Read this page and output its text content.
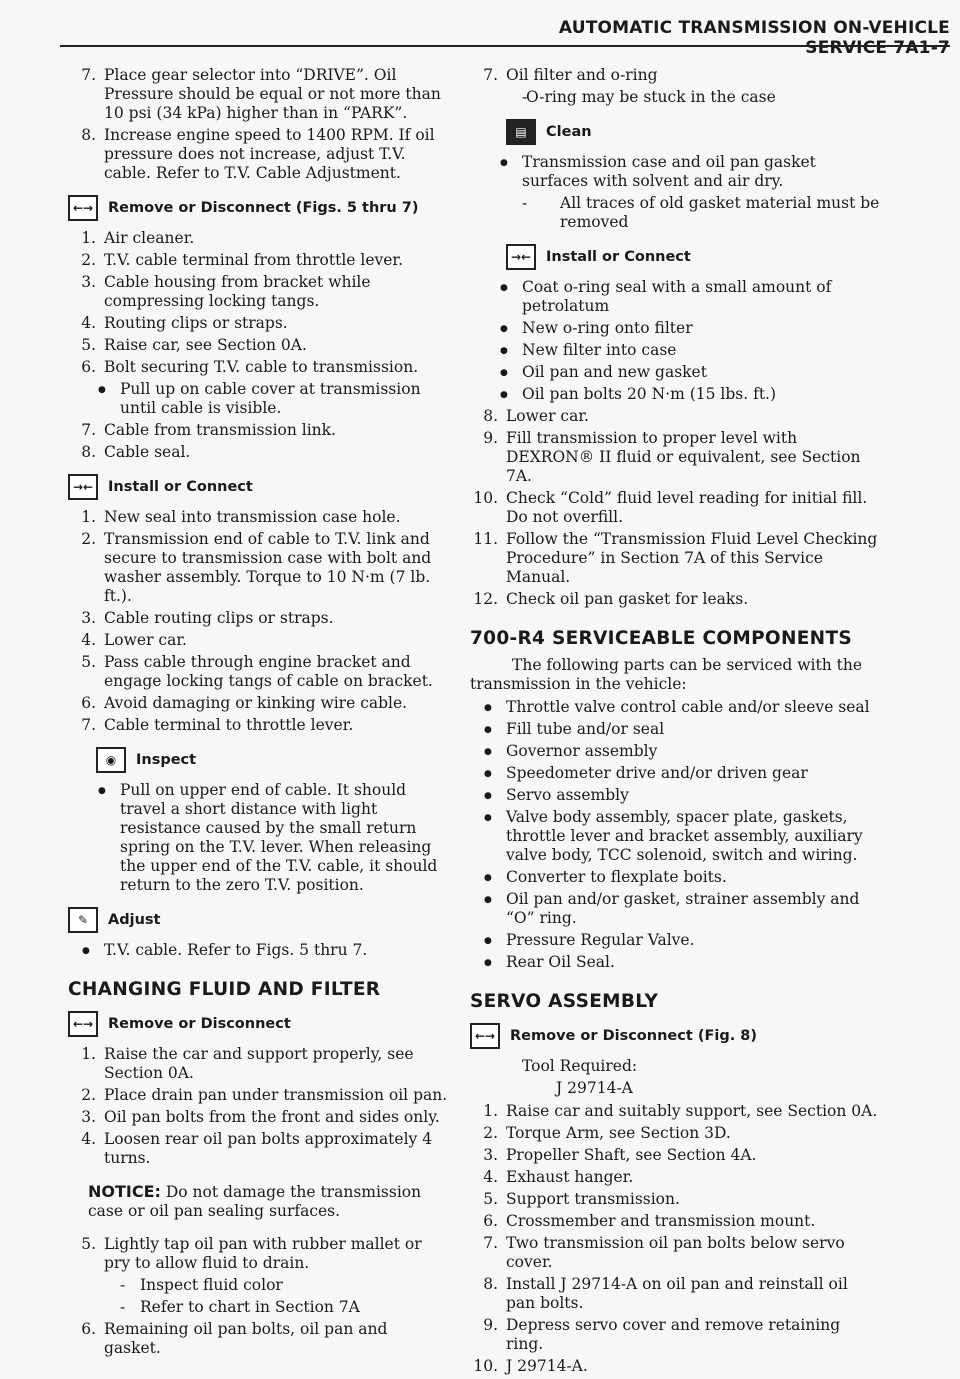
AUTOMATIC TRANSMISSION ON-VEHICLE SERVICE 7A1-7
7. Place gear selector into “DRIVE”. Oil Pressure should be equal or not more than 10 psi (34 kPa) higher than in “PARK”.
8. Increase engine speed to 1400 RPM. If oil pressure does not increase, adjust T.V. cable. Refer to T.V. Cable Adjustment.
←→	Remove or Disconnect (Figs. 5 thru 7)
1. Air cleaner.
2. T.V. cable terminal from throttle lever.
3. Cable housing from bracket while compressing locking tangs.
4. Routing clips or straps.
5. Raise car, see Section 0A.
6. Bolt securing T.V. cable to transmission.
● Pull up on cable cover at transmission until cable is visible.
7. Cable from transmission link.
8. Cable seal.
→←	Install or Connect
1. New seal into transmission case hole.
2. Transmission end of cable to T.V. link and secure to transmission case with bolt and washer assembly. Torque to 10 N·m (7 lb. ft.).
3. Cable routing clips or straps.
4. Lower car.
5. Pass cable through engine bracket and engage locking tangs of cable on bracket.
6. Avoid damaging or kinking wire cable.
7. Cable terminal to throttle lever.
◉	Inspect
● Pull on upper end of cable. It should travel a short distance with light resistance caused by the small return spring on the T.V. lever. When releasing the upper end of the T.V. cable, it should return to the zero T.V. position.
✎	Adjust
● T.V. cable. Refer to Figs. 5 thru 7.
CHANGING FLUID AND FILTER
←→	Remove or Disconnect
1. Raise the car and support properly, see Section 0A.
2. Place drain pan under transmission oil pan.
3. Oil pan bolts from the front and sides only.
4. Loosen rear oil pan bolts approximately 4 turns.
NOTICE: Do not damage the transmission case or oil pan sealing surfaces.
5. Lightly tap oil pan with rubber mallet or pry to allow fluid to drain.
- Inspect fluid color
- Refer to chart in Section 7A
6. Remaining oil pan bolts, oil pan and gasket.
7. Oil filter and o-ring
- O-ring may be stuck in the case
▤	Clean
● Transmission case and oil pan gasket surfaces with solvent and air dry.
- All traces of old gasket material must be removed
→←	Install or Connect
● Coat o-ring seal with a small amount of petrolatum
● New o-ring onto filter
● New filter into case
● Oil pan and new gasket
● Oil pan bolts 20 N·m (15 lbs. ft.)
8. Lower car.
9. Fill transmission to proper level with DEXRON® II fluid or equivalent, see Section 7A.
10. Check “Cold” fluid level reading for initial fill. Do not overfill.
11. Follow the “Transmission Fluid Level Checking Procedure” in Section 7A of this Service Manual.
12. Check oil pan gasket for leaks.
700-R4 SERVICEABLE COMPONENTS
The following parts can be serviced with the transmission in the vehicle:
● Throttle valve control cable and/or sleeve seal
● Fill tube and/or seal
● Governor assembly
● Speedometer drive and/or driven gear
● Servo assembly
● Valve body assembly, spacer plate, gaskets, throttle lever and bracket assembly, auxiliary valve body, TCC solenoid, switch and wiring.
● Converter to flexplate boits.
● Oil pan and/or gasket, strainer assembly and “O” ring.
● Pressure Regular Valve.
● Rear Oil Seal.
SERVO ASSEMBLY
←→	Remove or Disconnect (Fig. 8)
Tool Required:
J 29714-A
1. Raise car and suitably support, see Section 0A.
2. Torque Arm, see Section 3D.
3. Propeller Shaft, see Section 4A.
4. Exhaust hanger.
5. Support transmission.
6. Crossmember and transmission mount.
7. Two transmission oil pan bolts below servo cover.
8. Install J 29714-A on oil pan and reinstall oil pan bolts.
9. Depress servo cover and remove retaining ring.
10. J 29714-A.
